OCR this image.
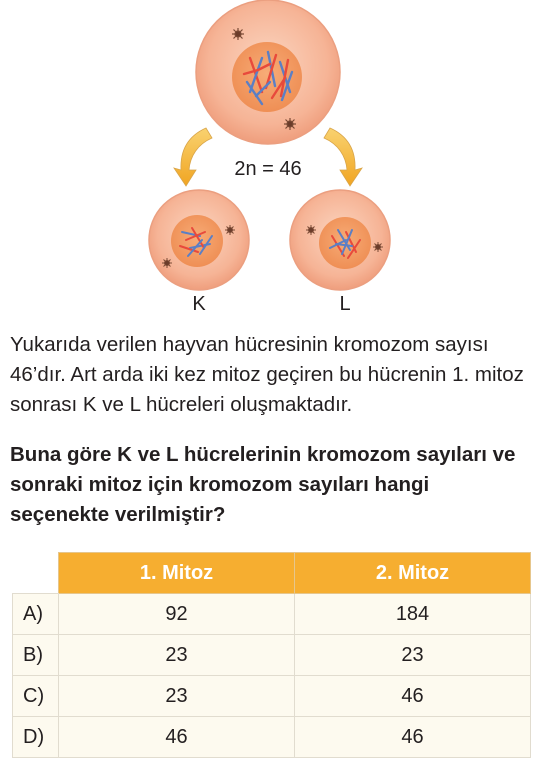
2n = 46
K	L

Yukarıda verilen hayvan hücresinin kromozom sayısı 46’dır. Art arda iki kez mitoz geçiren bu hücrenin 1. mitoz sonrası K ve L hücreleri oluşmaktadır.

Buna göre K ve L hücrelerinin kromozom sayıları ve sonraki mitoz için kromozom sayıları hangi seçenekte verilmiştir?

	1. Mitoz	2. Mitoz
A)	92	184
B)	23	23
C)	23	46
D)	46	46
